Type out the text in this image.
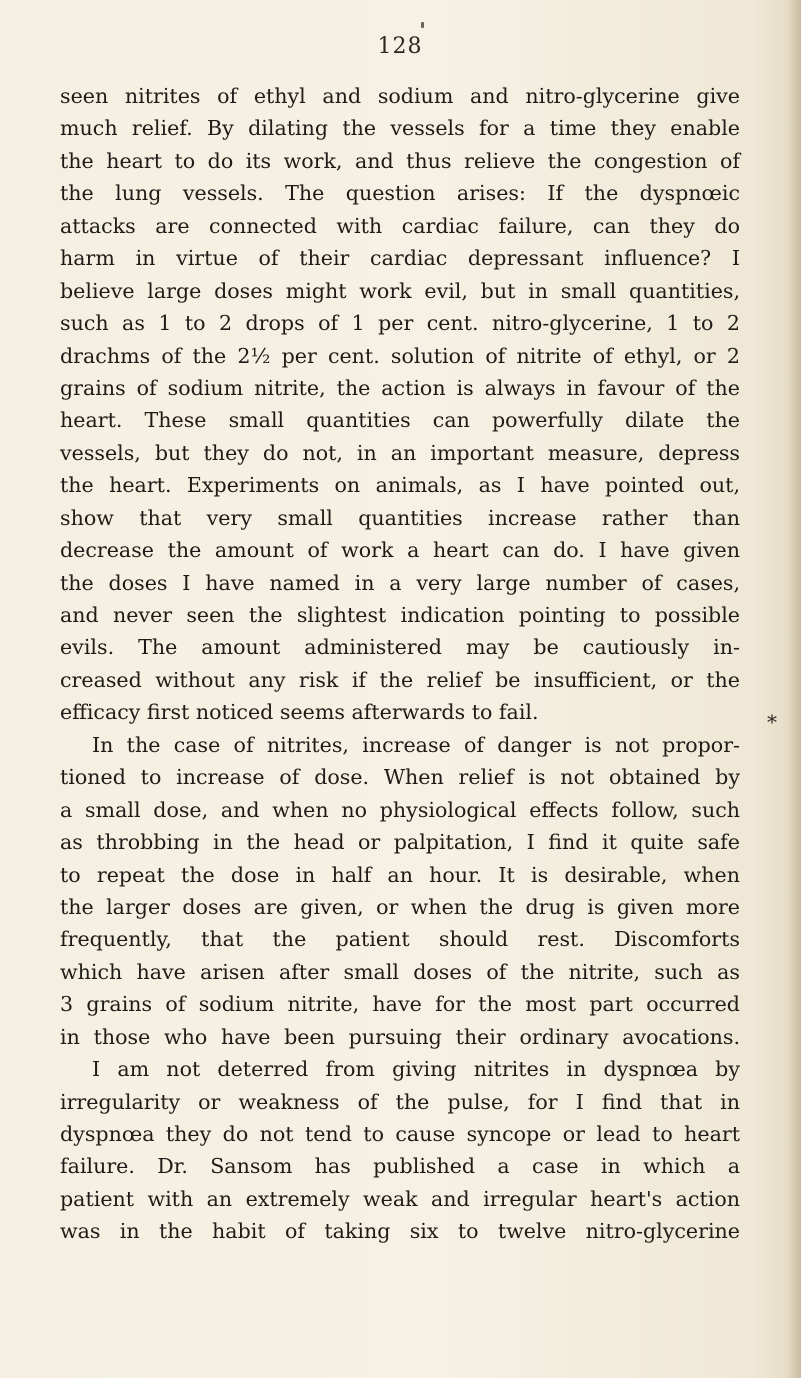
128
*
seen nitrites of ethyl and sodium and nitro-glycerine give
much relief. By dilating the vessels for a time they enable
the heart to do its work, and thus relieve the congestion of
the lung vessels. The question arises: If the dyspnœic
attacks are connected with cardiac failure, can they do
harm in virtue of their cardiac depressant influence? I
believe large doses might work evil, but in small quantities,
such as 1 to 2 drops of 1 per cent. nitro-glycerine, 1 to 2
drachms of the 2½ per cent. solution of nitrite of ethyl, or 2
grains of sodium nitrite, the action is always in favour of the
heart. These small quantities can powerfully dilate the
vessels, but they do not, in an important measure, depress
the heart. Experiments on animals, as I have pointed out,
show that very small quantities increase rather than
decrease the amount of work a heart can do. I have given
the doses I have named in a very large number of cases,
and never seen the slightest indication pointing to possible
evils. The amount administered may be cautiously in-
creased without any risk if the relief be insufficient, or the
efficacy first noticed seems afterwards to fail.
In the case of nitrites, increase of danger is not propor-
tioned to increase of dose. When relief is not obtained by
a small dose, and when no physiological effects follow, such
as throbbing in the head or palpitation, I find it quite safe
to repeat the dose in half an hour. It is desirable, when
the larger doses are given, or when the drug is given more
frequently, that the patient should rest. Discomforts
which have arisen after small doses of the nitrite, such as
3 grains of sodium nitrite, have for the most part occurred
in those who have been pursuing their ordinary avocations.
I am not deterred from giving nitrites in dyspnœa by
irregularity or weakness of the pulse, for I find that in
dyspnœa they do not tend to cause syncope or lead to heart
failure. Dr. Sansom has published a case in which a
patient with an extremely weak and irregular heart's action
was in the habit of taking six to twelve nitro-glycerine
